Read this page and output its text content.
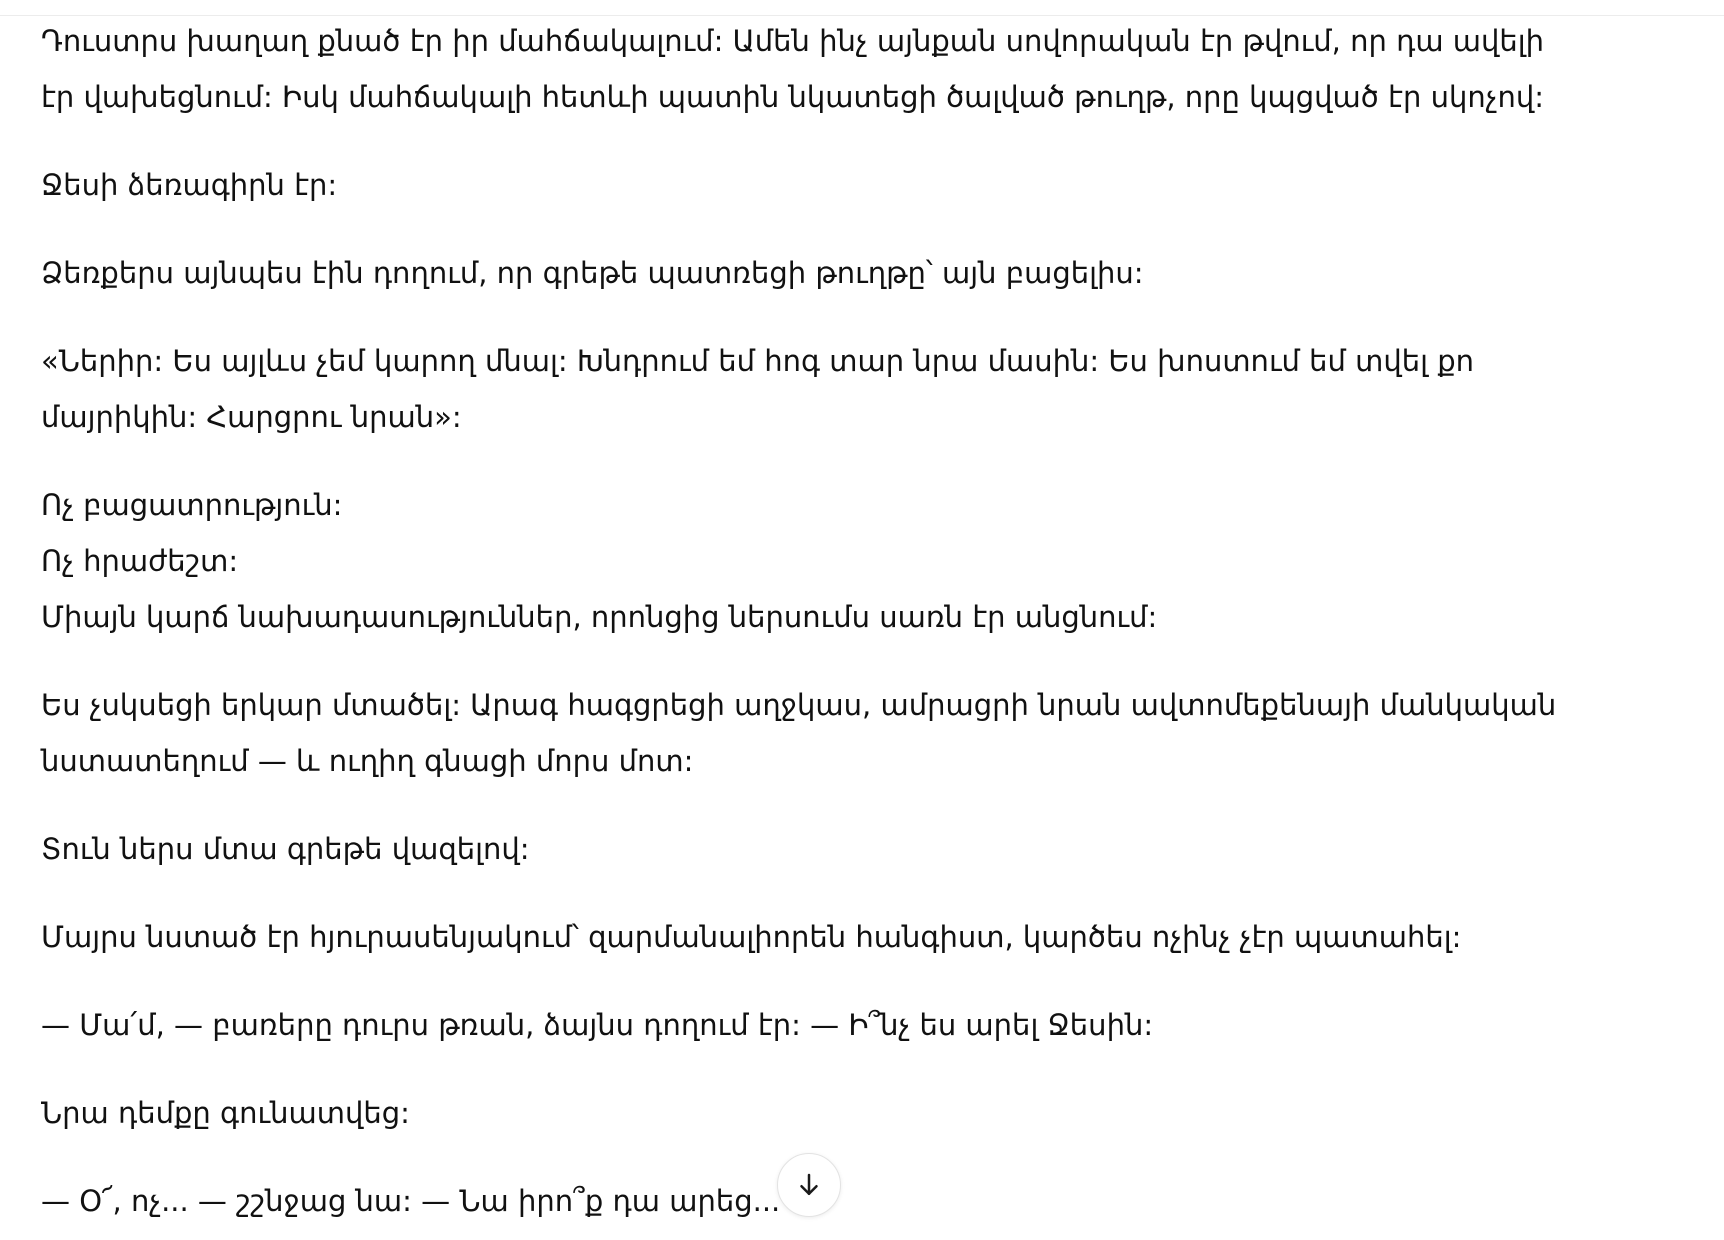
Դուստրս խաղաղ քնած էր իր մահճակալում: Ամեն ինչ այնքան սովորական էր թվում, որ դա ավելի էր վախեցնում: Իսկ մահճակալի հետևի պատին նկատեցի ծալված թուղթ, որը կպցված էր սկոչով:

Ջեսի ձեռագիրն էր:

Ձեռքերս այնպես էին դողում, որ գրեթե պատռեցի թուղթը՝ այն բացելիս:

«Ներիր: Ես այլևս չեմ կարող մնալ: Խնդրում եմ հոգ տար նրա մասին: Ես խոստում եմ տվել քո մայրիկին: Հարցրու նրան»:

Ոչ բացատրություն:
Ոչ հրաժեշտ:
Միայն կարճ նախադասություններ, որոնցից ներսումս սառն էր անցնում:

Ես չսկսեցի երկար մտածել: Արագ հագցրեցի աղջկաս, ամրացրի նրան ավտոմեքենայի մանկական նստատեղում — և ուղիղ գնացի մորս մոտ:

Տուն ներս մտա գրեթե վազելով:

Մայրս նստած էր հյուրասենյակում՝ զարմանալիորեն հանգիստ, կարծես ոչինչ չէր պատահել:

— Մա՛մ, — բառերը դուրս թռան, ձայնս դողում էր: — Ի՞նչ ես արել Ջեսին:

Նրա դեմքը գունատվեց:

— Օ՜, ոչ... — շշնջաց նա: — Նա իրո՞ք դա արեց...
